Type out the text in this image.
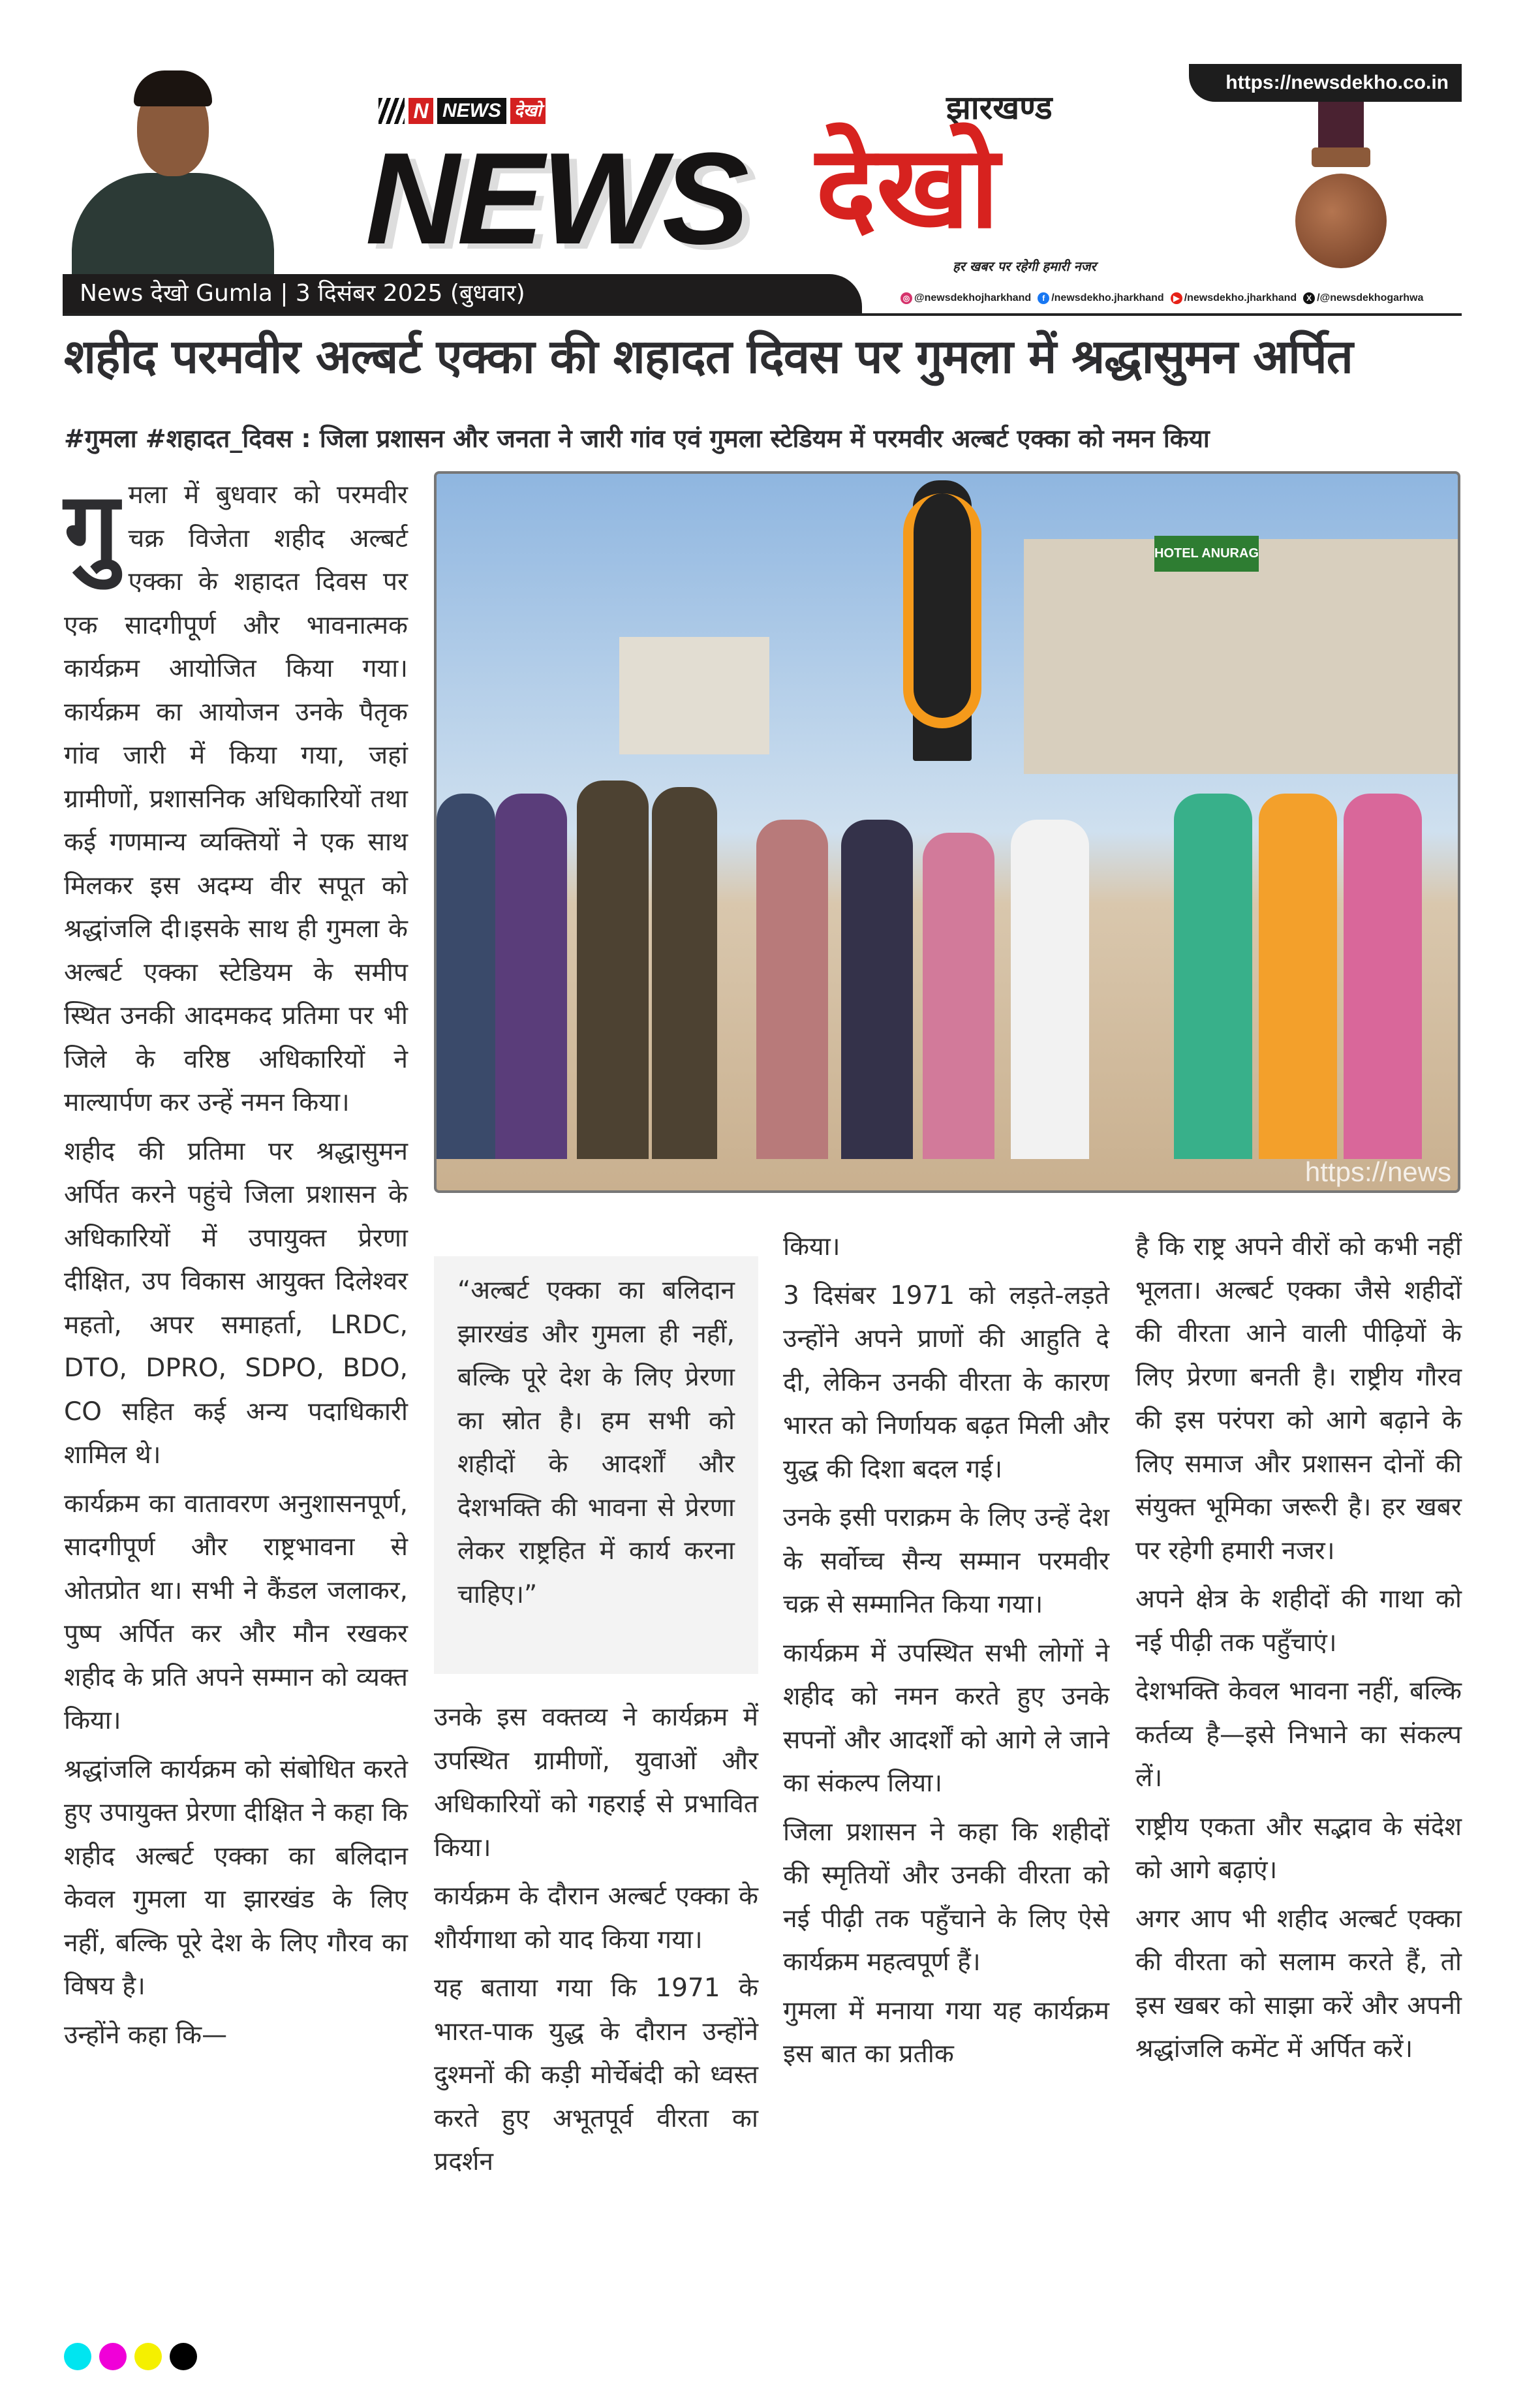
N NEWS देखो
NEWS
झारखण्ड
देखो
हर खबर पर रहेगी हमारी नजर
https://newsdekho.co.in
News देखो Gumla | 3 दिसंबर 2025 (बुधवार)	◎ @newsdekhojharkhand	f /newsdekho.jharkhand	▶ /newsdekho.jharkhand	X /@newsdekhogarhwa
शहीद परमवीर अल्बर्ट एक्का की शहादत दिवस पर गुमला में श्रद्धासुमन अर्पित
#गुमला #शहादत_दिवस : जिला प्रशासन और जनता ने जारी गांव एवं गुमला स्टेडियम में परमवीर अल्बर्ट एक्का को नमन किया

गुमला में बुधवार को परमवीर चक्र विजेता शहीद अल्बर्ट एक्का के शहादत दिवस पर एक सादगीपूर्ण और भावनात्मक कार्यक्रम आयोजित किया गया। कार्यक्रम का आयोजन उनके पैतृक गांव जारी में किया गया, जहां ग्रामीणों, प्रशासनिक अधिकारियों तथा कई गणमान्य व्यक्तियों ने एक साथ मिलकर इस अदम्य वीर सपूत को श्रद्धांजलि दी।इसके साथ ही गुमला के अल्बर्ट एक्का स्टेडियम के समीप स्थित उनकी आदमकद प्रतिमा पर भी जिले के वरिष्ठ अधिकारियों ने माल्यार्पण कर उन्हें नमन किया।

शहीद की प्रतिमा पर श्रद्धासुमन अर्पित करने पहुंचे जिला प्रशासन के अधिकारियों में उपायुक्त प्रेरणा दीक्षित, उप विकास आयुक्त दिलेश्वर महतो, अपर समाहर्ता, LRDC, DTO, DPRO, SDPO, BDO, CO सहित कई अन्य पदाधिकारी शामिल थे।

कार्यक्रम का वातावरण अनुशासनपूर्ण, सादगीपूर्ण और राष्ट्रभावना से ओतप्रोत था। सभी ने कैंडल जलाकर, पुष्प अर्पित कर और मौन रखकर शहीद के प्रति अपने सम्मान को व्यक्त किया।

श्रद्धांजलि कार्यक्रम को संबोधित करते हुए उपायुक्त प्रेरणा दीक्षित ने कहा कि शहीद अल्बर्ट एक्का का बलिदान केवल गुमला या झारखंड के लिए नहीं, बल्कि पूरे देश के लिए गौरव का विषय है।

उन्होंने कहा कि—

HOTEL ANURAG
https://news
“अल्बर्ट एक्का का बलिदान झारखंड और गुमला ही नहीं, बल्कि पूरे देश के लिए प्रेरणा का स्रोत है। हम सभी को शहीदों के आदर्शों और देशभक्ति की भावना से प्रेरणा लेकर राष्ट्रहित में कार्य करना चाहिए।”

उनके इस वक्तव्य ने कार्यक्रम में उपस्थित ग्रामीणों, युवाओं और अधिकारियों को गहराई से प्रभावित किया।

कार्यक्रम के दौरान अल्बर्ट एक्का के शौर्यगाथा को याद किया गया।

यह बताया गया कि 1971 के भारत-पाक युद्ध के दौरान उन्होंने दुश्मनों की कड़ी मोर्चेबंदी को ध्वस्त करते हुए अभूतपूर्व वीरता का प्रदर्शन

किया।

3 दिसंबर 1971 को लड़ते-लड़ते उन्होंने अपने प्राणों की आहुति दे दी, लेकिन उनकी वीरता के कारण भारत को निर्णायक बढ़त मिली और युद्ध की दिशा बदल गई।

उनके इसी पराक्रम के लिए उन्हें देश के सर्वोच्च सैन्य सम्मान परमवीर चक्र से सम्मानित किया गया।

कार्यक्रम में उपस्थित सभी लोगों ने शहीद को नमन करते हुए उनके सपनों और आदर्शों को आगे ले जाने का संकल्प लिया।

जिला प्रशासन ने कहा कि शहीदों की स्मृतियों और उनकी वीरता को नई पीढ़ी तक पहुँचाने के लिए ऐसे कार्यक्रम महत्वपूर्ण हैं।

गुमला में मनाया गया यह कार्यक्रम इस बात का प्रतीक

है कि राष्ट्र अपने वीरों को कभी नहीं भूलता। अल्बर्ट एक्का जैसे शहीदों की वीरता आने वाली पीढ़ियों के लिए प्रेरणा बनती है। राष्ट्रीय गौरव की इस परंपरा को आगे बढ़ाने के लिए समाज और प्रशासन दोनों की संयुक्त भूमिका जरूरी है। हर खबर पर रहेगी हमारी नजर।

अपने क्षेत्र के शहीदों की गाथा को नई पीढ़ी तक पहुँचाएं।

देशभक्ति केवल भावना नहीं, बल्कि कर्तव्य है—इसे निभाने का संकल्प लें।

राष्ट्रीय एकता और सद्भाव के संदेश को आगे बढ़ाएं।

अगर आप भी शहीद अल्बर्ट एक्का की वीरता को सलाम करते हैं, तो इस खबर को साझा करें और अपनी श्रद्धांजलि कमेंट में अर्पित करें।
